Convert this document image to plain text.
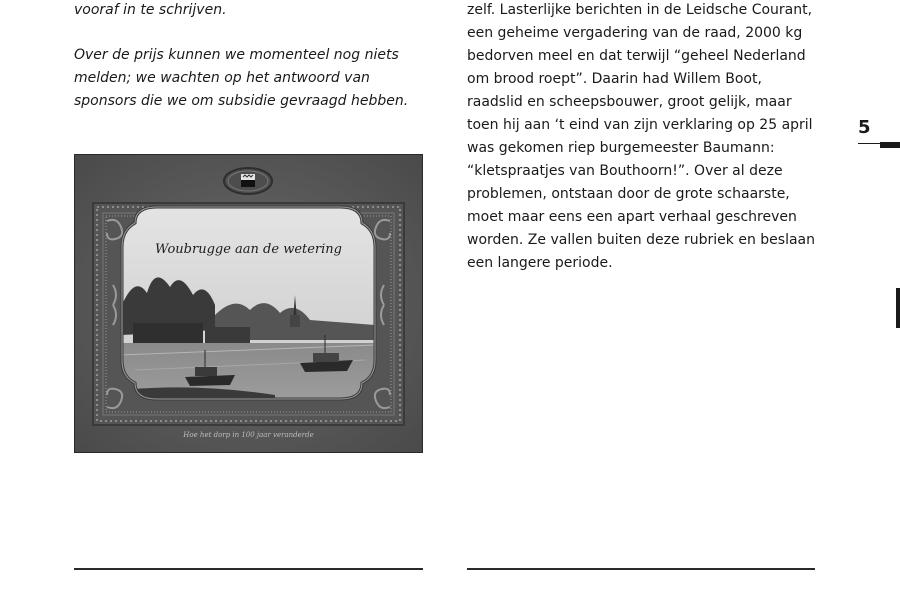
vooraf in te schrijven.

Over de prijs kunnen we momenteel nog niets melden; we wachten op het antwoord van sponsors die we om subsidie gevraagd hebben.

Woubrugge aan de wetering
Hoe het dorp in 100 jaar veranderde

zelf. Lasterlijke berichten in de Leidsche Courant, een geheime vergadering van de raad, 2000 kg bedorven meel en dat terwijl “geheel Nederland om brood roept”. Daarin had Willem Boot, raadslid en scheepsbouwer, groot gelijk, maar toen hij aan ‘t eind van zijn verklaring op 25 april was gekomen riep burgemeester Baumann: “kletspraatjes van Bouthoorn!”. Over al deze problemen, ontstaan door de grote schaarste, moet maar eens een apart verhaal geschreven worden. Ze vallen buiten deze rubriek en beslaan een langere periode.

5
